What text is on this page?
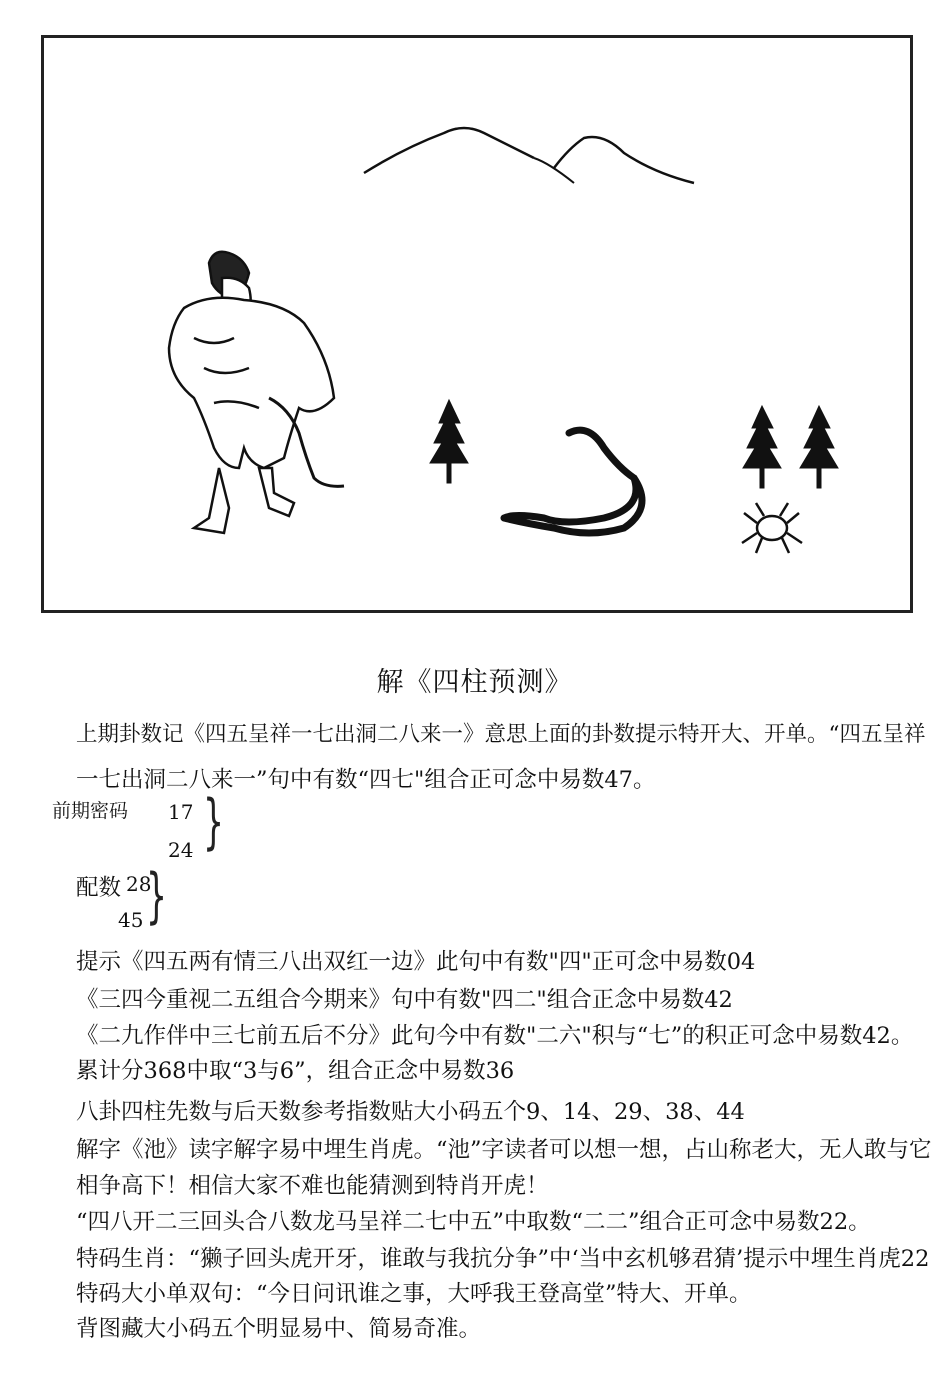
解《四柱预测》
上期卦数记《四五呈祥一七出洞二八来一》意思上面的卦数提示特开大、开单。“四五呈祥
一七出洞二八来一”句中有数“四七"组合正可念中易数47。
前期密码 17
24 }
配数 28
45 }
提示《四五两有情三八出双红一边》此句中有数"四"正可念中易数04
《三四今重视二五组合今期来》句中有数"四二"组合正念中易数42
《二九作伴中三七前五后不分》此句今中有数"二六"积与“七”的积正可念中易数42。
累计分368中取“3与6”，组合正念中易数36
八卦四柱先数与后天数参考指数贴大小码五个9、14、29、38、44
解字《池》读字解字易中埋生肖虎。“池”字读者可以想一想，占山称老大，无人敢与它
相争高下！相信大家不难也能猜测到特肖开虎！
“四八开二三回头合八数龙马呈祥二七中五”中取数“二二”组合正可念中易数22。
特码生肖：“獭子回头虎开牙，谁敢与我抗分争”中‘当中玄机够君猜’提示中埋生肖虎22
特码大小单双句：“今日问讯谁之事，大呼我王登高堂”特大、开单。
背图藏大小码五个明显易中、简易奇准。
